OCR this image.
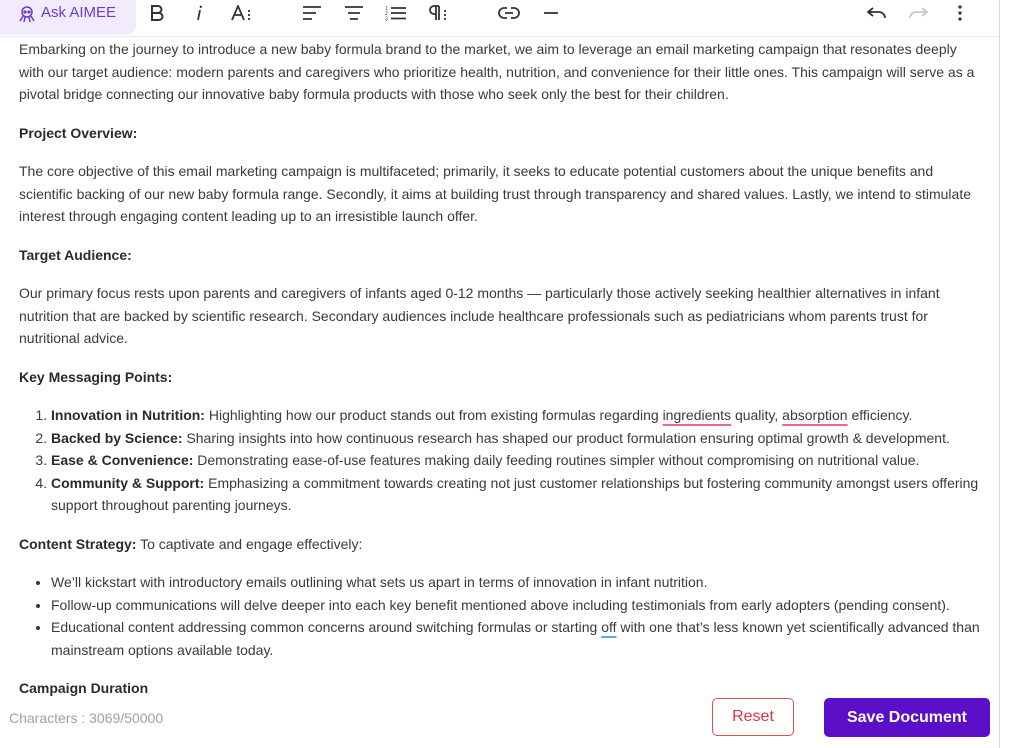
Ask AIMEE	1
2
3

Embarking on the journey to introduce a new baby formula brand to the market, we aim to leverage an email marketing campaign that resonates deeply with our target audience: modern parents and caregivers who prioritize health, nutrition, and convenience for their little ones. This campaign will serve as a pivotal bridge connecting our innovative baby formula products with those who seek only the best for their children.

Project Overview:

The core objective of this email marketing campaign is multifaceted; primarily, it seeks to educate potential customers about the unique benefits and scientific backing of our new baby formula range. Secondly, it aims at building trust through transparency and shared values. Lastly, we intend to stimulate interest through engaging content leading up to an irresistible launch offer.

Target Audience:

Our primary focus rests upon parents and caregivers of infants aged 0-12 months — particularly those actively seeking healthier alternatives in infant nutrition that are backed by scientific research. Secondary audiences include healthcare professionals such as pediatricians whom parents trust for nutritional advice.

Key Messaging Points:

1. Innovation in Nutrition: Highlighting how our product stands out from existing formulas regarding ingredients quality, absorption efficiency.
2. Backed by Science: Sharing insights into how continuous research has shaped our product formulation ensuring optimal growth & development.
3. Ease & Convenience: Demonstrating ease-of-use features making daily feeding routines simpler without compromising on nutritional value.
4. Community & Support: Emphasizing a commitment towards creating not just customer relationships but fostering community amongst users offering support throughout parenting journeys.

Content Strategy: To captivate and engage effectively:

• We’ll kickstart with introductory emails outlining what sets us apart in terms of innovation in infant nutrition.
• Follow-up communications will delve deeper into each key benefit mentioned above including testimonials from early adopters (pending consent).
• Educational content addressing common concerns around switching formulas or starting off with one that’s less known yet scientifically advanced than mainstream options available today.

Campaign Duration

Characters : 3069/50000	Reset	Save Document
